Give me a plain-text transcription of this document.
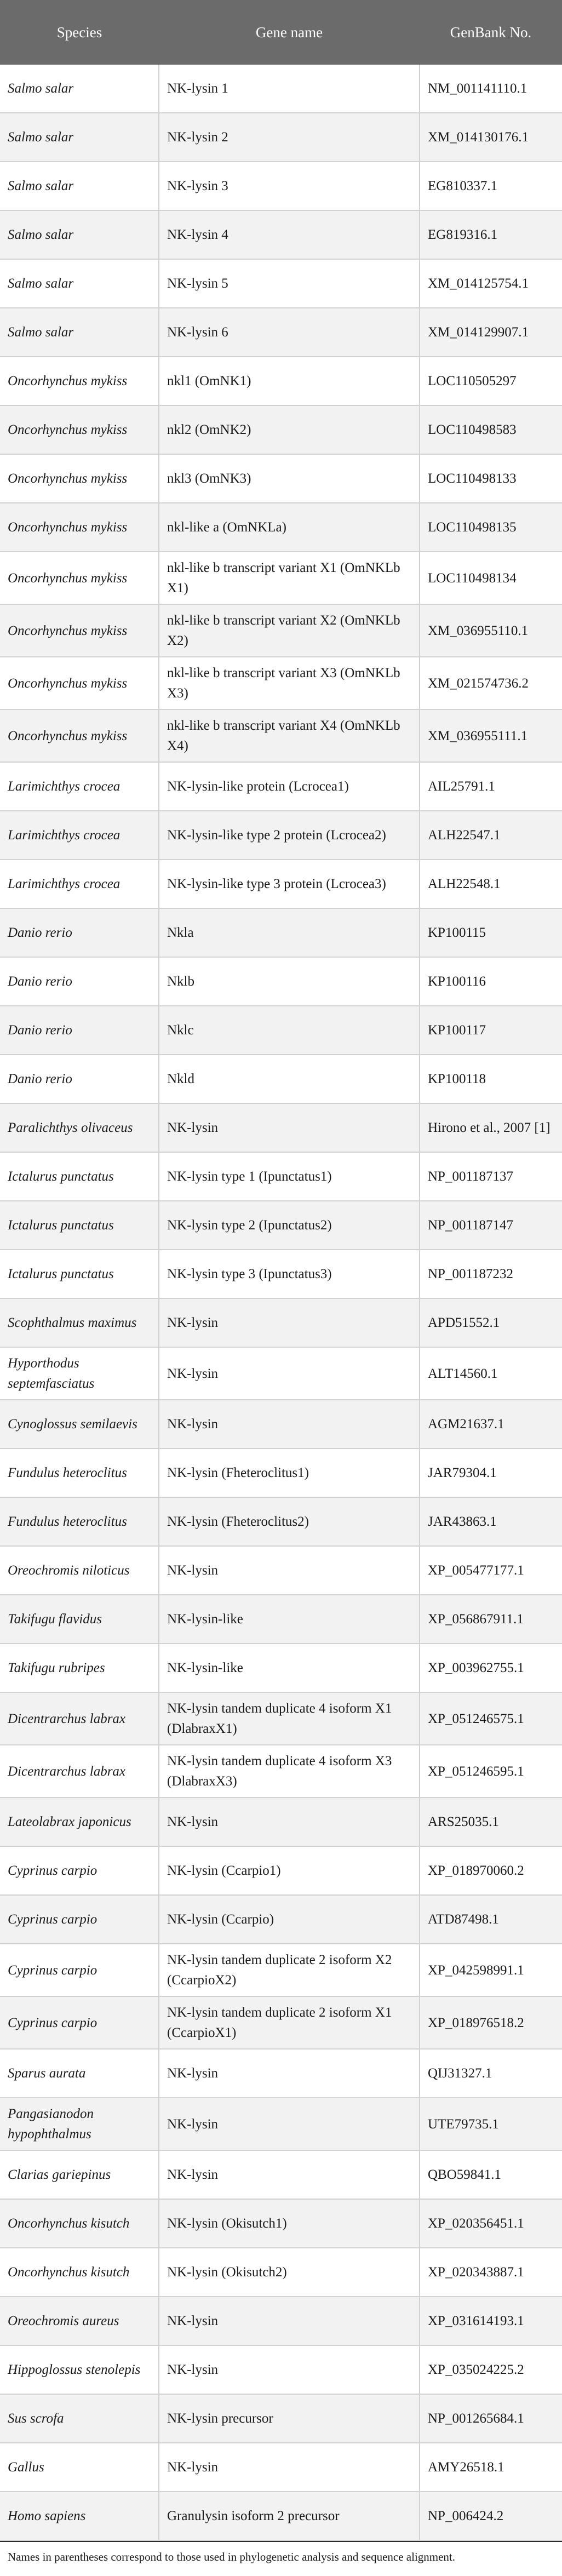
Species	Gene name	GenBank No.
Salmo salar	NK-lysin 1	NM_001141110.1
Salmo salar	NK-lysin 2	XM_014130176.1
Salmo salar	NK-lysin 3	EG810337.1
Salmo salar	NK-lysin 4	EG819316.1
Salmo salar	NK-lysin 5	XM_014125754.1
Salmo salar	NK-lysin 6	XM_014129907.1
Oncorhynchus mykiss	nkl1 (OmNK1)	LOC110505297
Oncorhynchus mykiss	nkl2 (OmNK2)	LOC110498583
Oncorhynchus mykiss	nkl3 (OmNK3)	LOC110498133
Oncorhynchus mykiss	nkl-like a (OmNKLa)	LOC110498135
Oncorhynchus mykiss	nkl-like b transcript variant X1 (OmNKLb X1)	LOC110498134
Oncorhynchus mykiss	nkl-like b transcript variant X2 (OmNKLb X2)	XM_036955110.1
Oncorhynchus mykiss	nkl-like b transcript variant X3 (OmNKLb X3)	XM_021574736.2
Oncorhynchus mykiss	nkl-like b transcript variant X4 (OmNKLb X4)	XM_036955111.1
Larimichthys crocea	NK-lysin-like protein (Lcrocea1)	AIL25791.1
Larimichthys crocea	NK-lysin-like type 2 protein (Lcrocea2)	ALH22547.1
Larimichthys crocea	NK-lysin-like type 3 protein (Lcrocea3)	ALH22548.1
Danio rerio	Nkla	KP100115
Danio rerio	Nklb	KP100116
Danio rerio	Nklc	KP100117
Danio rerio	Nkld	KP100118
Paralichthys olivaceus	NK-lysin	Hirono et al., 2007 [1]
Ictalurus punctatus	NK-lysin type 1 (Ipunctatus1)	NP_001187137
Ictalurus punctatus	NK-lysin type 2 (Ipunctatus2)	NP_001187147
Ictalurus punctatus	NK-lysin type 3 (Ipunctatus3)	NP_001187232
Scophthalmus maximus	NK-lysin	APD51552.1
Hyporthodus septemfasciatus	NK-lysin	ALT14560.1
Cynoglossus semilaevis	NK-lysin	AGM21637.1
Fundulus heteroclitus	NK-lysin (Fheteroclitus1)	JAR79304.1
Fundulus heteroclitus	NK-lysin (Fheteroclitus2)	JAR43863.1
Oreochromis niloticus	NK-lysin	XP_005477177.1
Takifugu flavidus	NK-lysin-like	XP_056867911.1
Takifugu rubripes	NK-lysin-like	XP_003962755.1
Dicentrarchus labrax	NK-lysin tandem duplicate 4 isoform X1 (DlabraxX1)	XP_051246575.1
Dicentrarchus labrax	NK-lysin tandem duplicate 4 isoform X3 (DlabraxX3)	XP_051246595.1
Lateolabrax japonicus	NK-lysin	ARS25035.1
Cyprinus carpio	NK-lysin (Ccarpio1)	XP_018970060.2
Cyprinus carpio	NK-lysin (Ccarpio)	ATD87498.1
Cyprinus carpio	NK-lysin tandem duplicate 2 isoform X2 (CcarpioX2)	XP_042598991.1
Cyprinus carpio	NK-lysin tandem duplicate 2 isoform X1 (CcarpioX1)	XP_018976518.2
Sparus aurata	NK-lysin	QIJ31327.1
Pangasianodon hypophthalmus	NK-lysin	UTE79735.1
Clarias gariepinus	NK-lysin	QBO59841.1
Oncorhynchus kisutch	NK-lysin (Okisutch1)	XP_020356451.1
Oncorhynchus kisutch	NK-lysin (Okisutch2)	XP_020343887.1
Oreochromis aureus	NK-lysin	XP_031614193.1
Hippoglossus stenolepis	NK-lysin	XP_035024225.2
Sus scrofa	NK-lysin precursor	NP_001265684.1
Gallus	NK-lysin	AMY26518.1
Homo sapiens	Granulysin isoform 2 precursor	NP_006424.2
Names in parentheses correspond to those used in phylogenetic analysis and sequence alignment.
